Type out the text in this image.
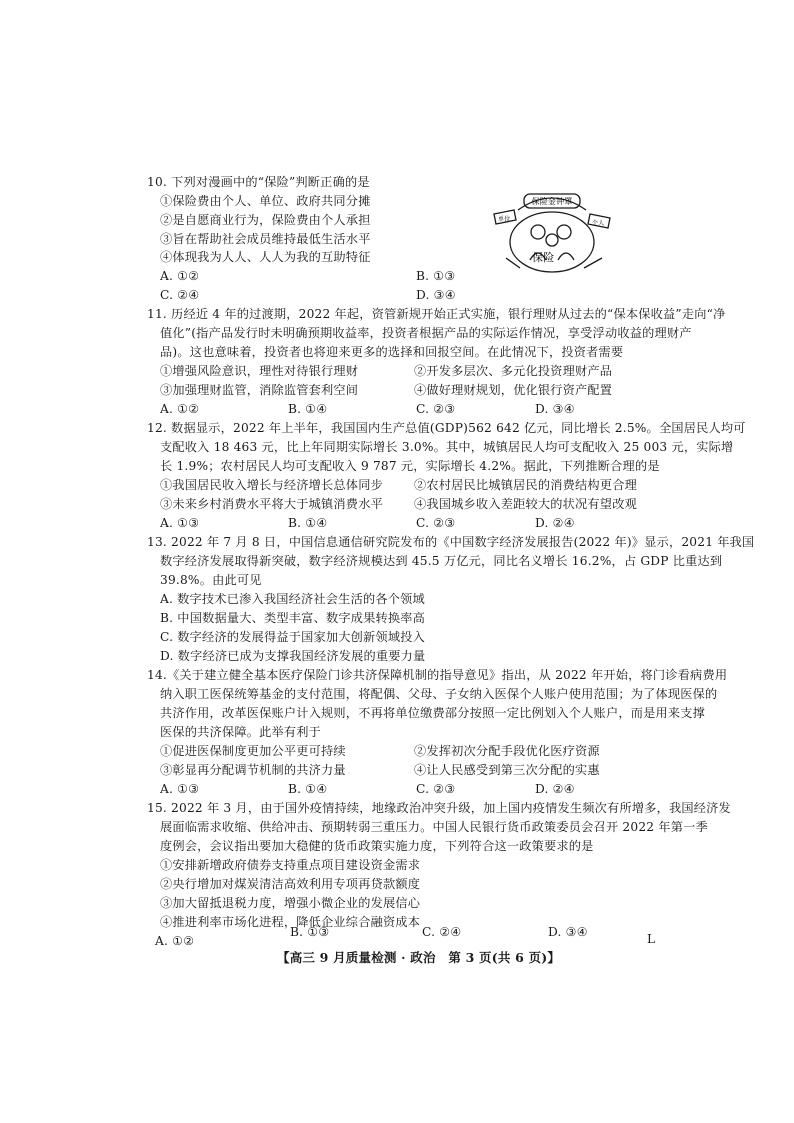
10. 下列对漫画中的“保险”判断正确的是
①保险费由个人、单位、政府共同分摊
②是自愿商业行为，保险费由个人承担
③旨在帮助社会成员维持最低生活水平
④体现我为人人、人人为我的互助特征
A. ①②	B. ①③
C. ②④	D. ③④
保险金钟罩
保险
单位
个人
11. 历经近 4 年的过渡期，2022 年起，资管新规开始正式实施，银行理财从过去的“保本保收益”走向“净
值化”(指产品发行时未明确预期收益率，投资者根据产品的实际运作情况，享受浮动收益的理财产
品)。这也意味着，投资者也将迎来更多的选择和回报空间。在此情况下，投资者需要
①增强风险意识，理性对待银行理财	②开发多层次、多元化投资理财产品
③加强理财监管，消除监管套利空间	④做好理财规划，优化银行资产配置
A. ①②	B. ①④	C. ②③	D. ③④
12. 数据显示，2022 年上半年，我国国内生产总值(GDP)562 642 亿元，同比增长 2.5%。全国居民人均可
支配收入 18 463 元，比上年同期实际增长 3.0%。其中，城镇居民人均可支配收入 25 003 元，实际增
长 1.9%；农村居民人均可支配收入 9 787 元，实际增长 4.2%。据此，下列推断合理的是
①我国居民收入增长与经济增长总体同步	②农村居民比城镇居民的消费结构更合理
③未来乡村消费水平将大于城镇消费水平	④我国城乡收入差距较大的状况有望改观
A. ①③	B. ①④	C. ②③	D. ②④
13. 2022 年 7 月 8 日，中国信息通信研究院发布的《中国数字经济发展报告(2022 年)》显示，2021 年我国
数字经济发展取得新突破，数字经济规模达到 45.5 万亿元，同比名义增长 16.2%，占 GDP 比重达到
39.8%。由此可见
A. 数字技术已渗入我国经济社会生活的各个领域
B. 中国数据量大、类型丰富、数字成果转换率高
C. 数字经济的发展得益于国家加大创新领域投入
D. 数字经济已成为支撑我国经济发展的重要力量
14.《关于建立健全基本医疗保险门诊共济保障机制的指导意见》指出，从 2022 年开始，将门诊看病费用
纳入职工医保统筹基金的支付范围，将配偶、父母、子女纳入医保个人账户使用范围；为了体现医保的
共济作用，改革医保账户计入规则，不再将单位缴费部分按照一定比例划入个人账户，而是用来支撑
医保的共济保障。此举有利于
①促进医保制度更加公平更可持续	②发挥初次分配手段优化医疗资源
③彰显再分配调节机制的共济力量	④让人民感受到第三次分配的实惠
A. ①③	B. ①④	C. ②③	D. ②④
15. 2022 年 3 月，由于国外疫情持续，地缘政治冲突升级，加上国内疫情发生频次有所增多，我国经济发
展面临需求收缩、供给冲击、预期转弱三重压力。中国人民银行货币政策委员会召开 2022 年第一季
度例会，会议指出要加大稳健的货币政策实施力度，下列符合这一政策要求的是
①安排新增政府债券支持重点项目建设资金需求
②央行增加对煤炭清洁高效利用专项再贷款额度
③加大留抵退税力度，增强小微企业的发展信心
④推进利率市场化进程，降低企业综合融资成本
A. ①②
B. ①③	C. ②④	D. ③④
【高三 9 月质量检测 · 政治　第 3 页(共 6 页)】
L
